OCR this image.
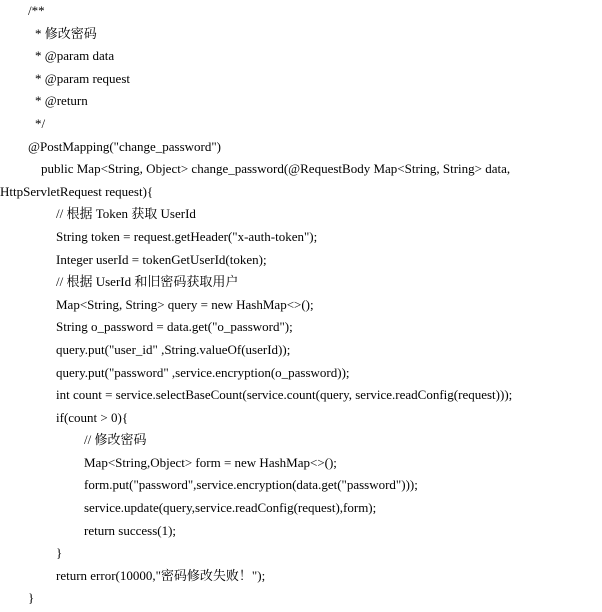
/**
* 修改密码
* @param data
* @param request
* @return
*/
@PostMapping("change_password")
public Map<String, Object> change_password(@RequestBody Map<String, String> data,
HttpServletRequest request){
// 根据 Token 获取 UserId
String token = request.getHeader("x-auth-token");
Integer userId = tokenGetUserId(token);
// 根据 UserId 和旧密码获取用户
Map<String, String> query = new HashMap<>();
String o_password = data.get("o_password");
query.put("user_id" ,String.valueOf(userId));
query.put("password" ,service.encryption(o_password));
int count = service.selectBaseCount(service.count(query, service.readConfig(request)));
if(count > 0){
// 修改密码
Map<String,Object> form = new HashMap<>();
form.put("password",service.encryption(data.get("password")));
service.update(query,service.readConfig(request),form);
return success(1);
}
return error(10000,"密码修改失败！");
}
